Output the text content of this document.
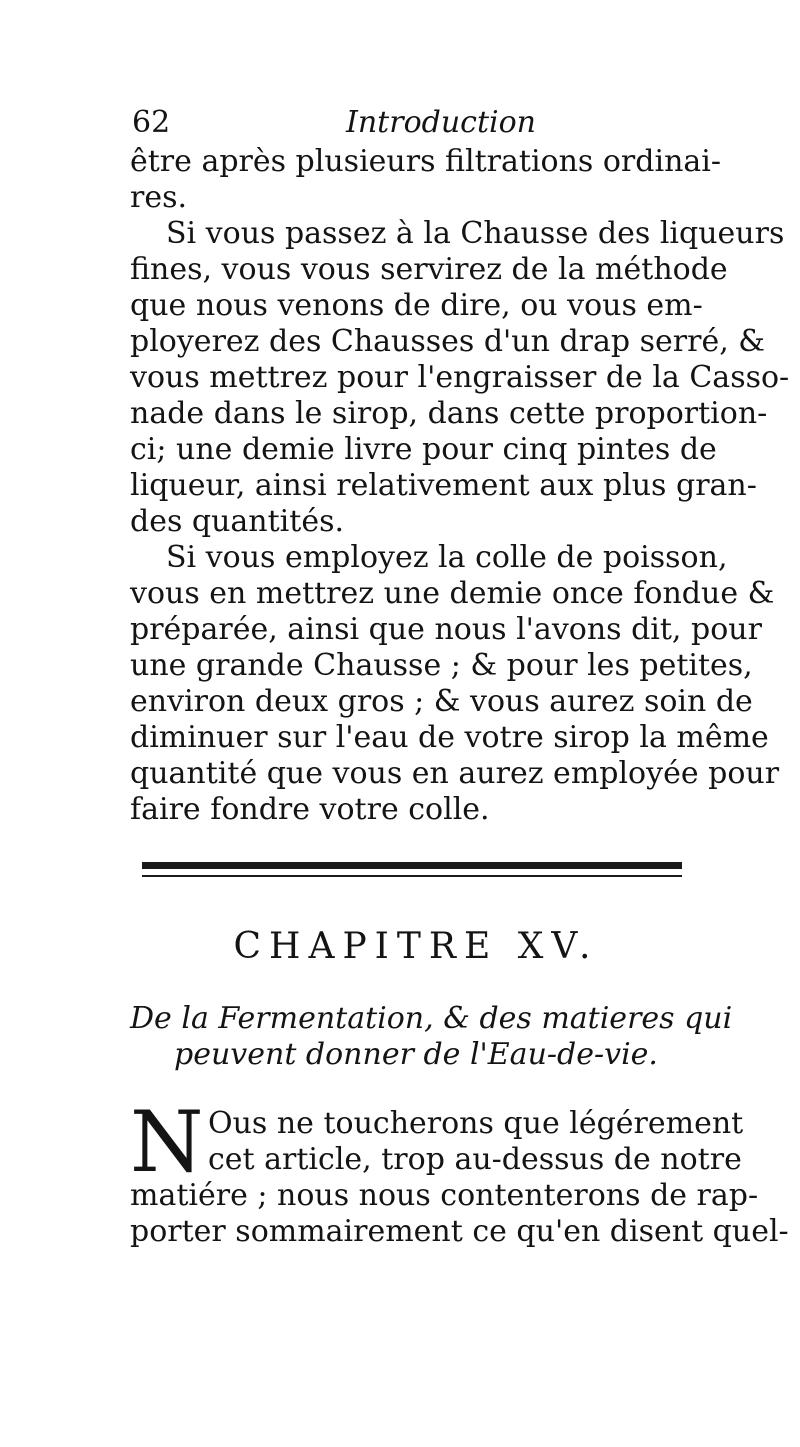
62	Introduction
être après plusieurs filtrations ordinai-
res.
Si vous passez à la Chausse des liqueurs
fines, vous vous servirez de la méthode
que nous venons de dire, ou vous em-
ployerez des Chausses d'un drap serré, &
vous mettrez pour l'engraisser de la Casso-
nade dans le sirop, dans cette proportion-
ci; une demie livre pour cinq pintes de
liqueur, ainsi relativement aux plus gran-
des quantités.
Si vous employez la colle de poisson,
vous en mettrez une demie once fondue &
préparée, ainsi que nous l'avons dit, pour
une grande Chausse ; & pour les petites,
environ deux gros ; & vous aurez soin de
diminuer sur l'eau de votre sirop la même
quantité que vous en aurez employée pour
faire fondre votre colle.
CHAPITRE XV.
De la Fermentation, & des matieres qui
peuvent donner de l'Eau-de-vie.
N Ous ne toucherons que légérement
cet article, trop au-dessus de notre
matiére ; nous nous contenterons de rap-
porter sommairement ce qu'en disent quel-
